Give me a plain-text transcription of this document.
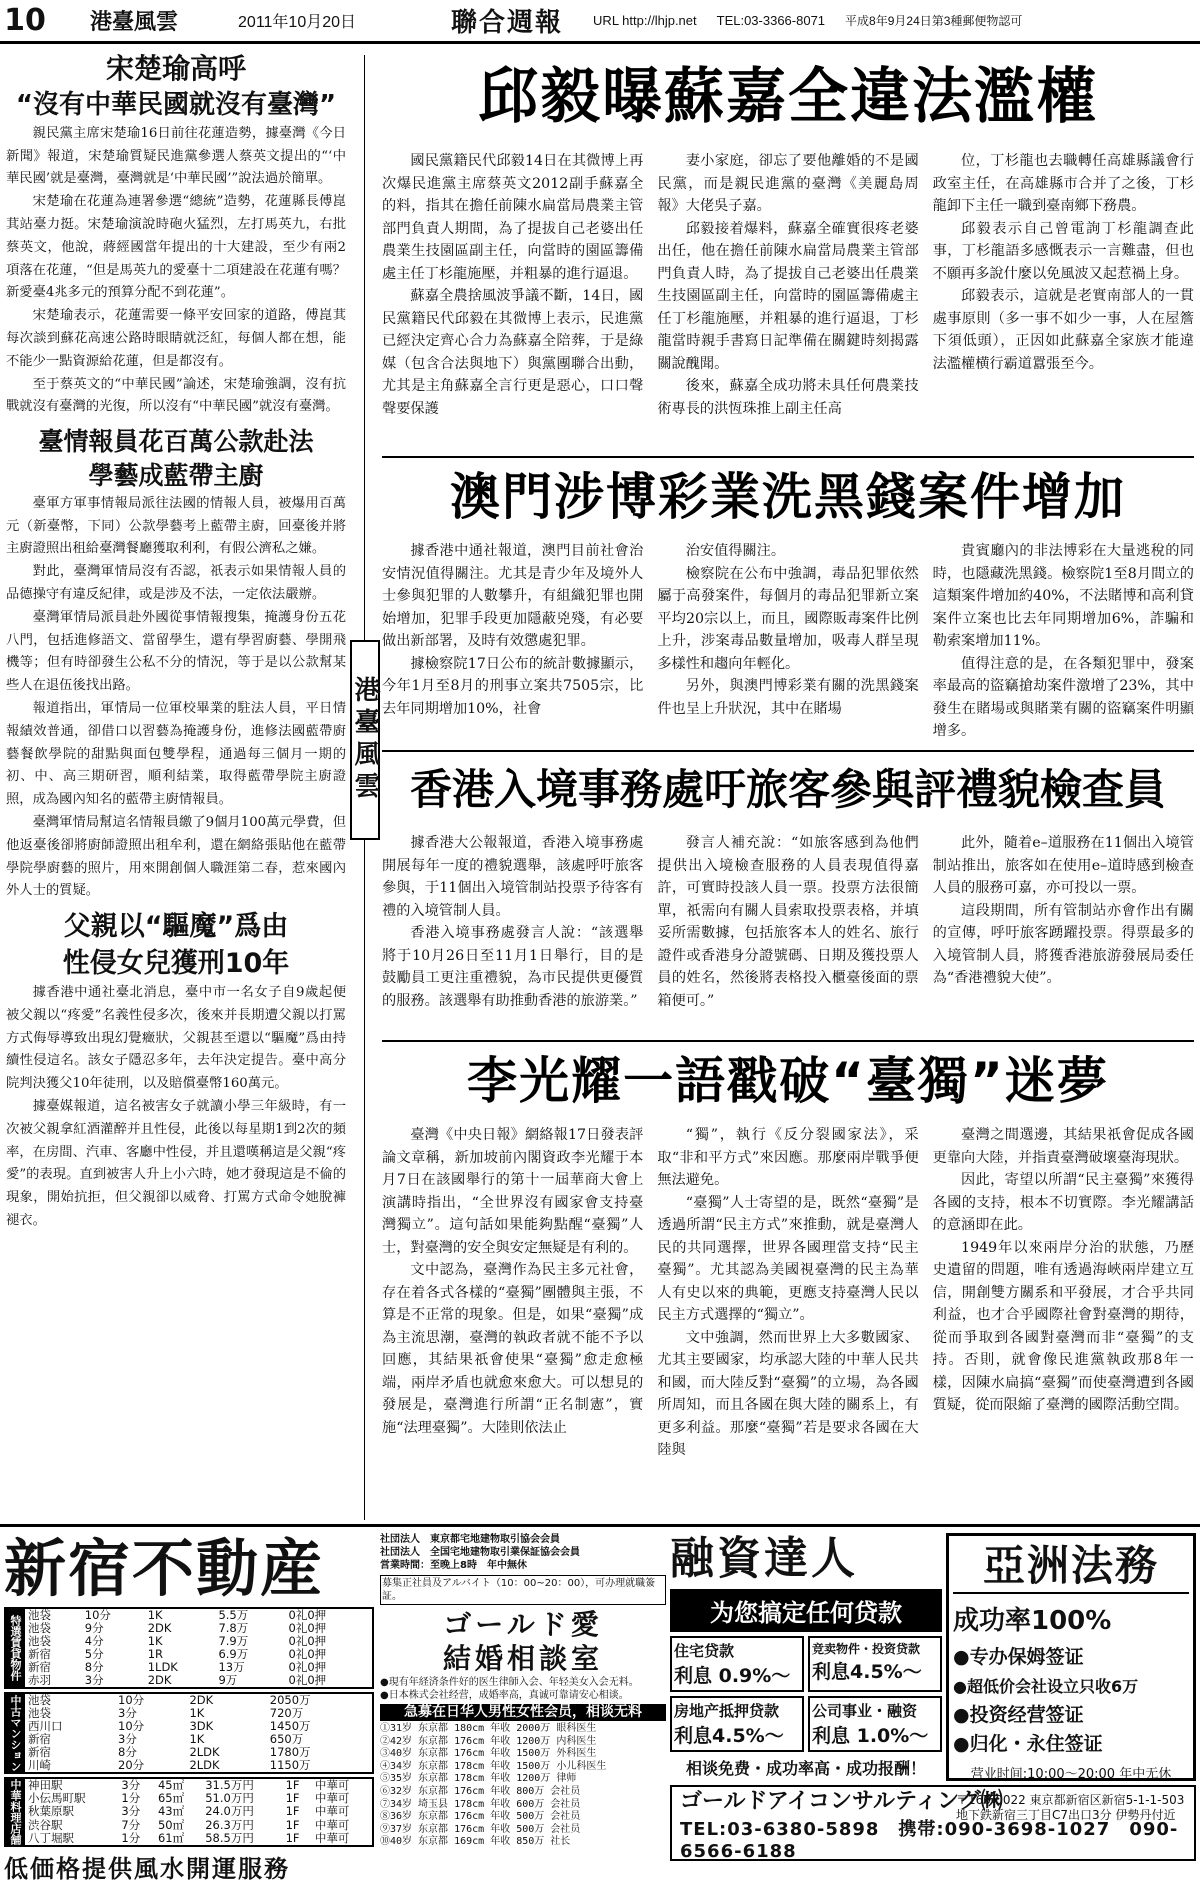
10 港臺風雲	2011年10月20日	聯合週報 URL http://lhjp.net TEL:03-3366-8071 平成8年9月24日第3種郵便物認可
宋楚瑜高呼
“沒有中華民國就沒有臺灣”

親民黨主席宋楚瑜16日前往花蓮造勢，據臺灣《今日新聞》報道，宋楚瑜質疑民進黨參選人蔡英文提出的“‘中華民國’就是臺灣，臺灣就是‘中華民國’”說法過於簡單。

宋楚瑜在花蓮為連署參選“總統”造勢，花蓮縣長傅崑萁站臺力挺。宋楚瑜演說時砲火猛烈，左打馬英九，右批蔡英文，他說，蔣經國當年提出的十大建設，至少有兩2項落在花蓮，“但是馬英九的愛臺十二項建設在花蓮有嗎？新愛臺4兆多元的預算分配不到花蓮”。

宋楚瑜表示，花蓮需要一條平安回家的道路，傅崑萁每次談到蘇花高速公路時眼睛就泛紅，每個人都在想，能不能少一點資源給花蓮，但是都沒有。

至于蔡英文的“中華民國”論述，宋楚瑜強調，沒有抗戰就沒有臺灣的光復，所以沒有“中華民國”就沒有臺灣。

臺情報員花百萬公款赴法
學藝成藍帶主廚

臺軍方軍事情報局派往法國的情報人員，被爆用百萬元（新臺幣，下同）公款學藝考上藍帶主廚，回臺後并將主廚證照出租給臺灣餐廳獲取利利，有假公濟私之嫌。

對此，臺灣軍情局沒有否認，祇表示如果情報人員的品德操守有違反紀律，或是涉及不法，一定依法嚴辦。

臺灣軍情局派員赴外國從事情報搜集，掩護身份五花八門，包括進修語文、當留學生，還有學習廚藝、學開飛機等；但有時卻發生公私不分的情況，等于是以公款幫某些人在退伍後找出路。

報道指出，軍情局一位軍校畢業的駐法人員，平日情報績效普通，卻借口以習藝為掩護身份，進修法國藍帶廚藝餐飲學院的甜點與面包雙學程，通過每三個月一期的初、中、高三期研習，順利結業，取得藍帶學院主廚證照，成為國內知名的藍帶主廚情報員。

臺灣軍情局幫這名情報員繳了9個月100萬元學費，但他返臺後卻將廚師證照出租牟利，還在網絡張貼他在藍帶學院學廚藝的照片，用來開創個人職涯第二春，惹來國內外人士的質疑。

父親以“驅魔”爲由
性侵女兒獲刑10年

據香港中通社臺北消息，臺中市一名女子自9歲起便被父親以“疼愛”名義性侵多次，後來并長期遭父親以打罵方式侮辱導致出現幻覺癥狀，父親甚至還以“驅魔”爲由持續性侵這名。該女子隱忍多年，去年決定提告。臺中高分院判決獲父10年徒刑，以及賠償臺幣160萬元。

據臺媒報道，這名被害女子就讀小學三年級時，有一次被父親拿紅酒灌醉并且性侵，此後以每星期1到2次的頻率，在房間、汽車、客廳中性侵，并且還嘆稱這是父親“疼愛”的表現。直到被害人升上小六時，她才發現這是不倫的現象，開始抗拒，但父親卻以威脅、打罵方式命令她脫褲褪衣。

港臺風雲
邱毅曝蘇嘉全違法濫權

國民黨籍民代邱毅14日在其微博上再次爆民進黨主席蔡英文2012副手蘇嘉全的料，指其在擔任前陳水扁當局農業主管部門負責人期間，為了提拔自己老婆出任農業生技園區副主任，向當時的園區籌備處主任丁杉龍施壓，并粗暴的進行逼退。

蘇嘉全農捨風波爭議不斷，14日，國民黨籍民代邱毅在其微博上表示，民進黨已經決定齊心合力為蘇嘉全陪葬，于是綠媒（包含合法與地下）與黨團聯合出動，尤其是主角蘇嘉全言行更是惡心，口口聲聲要保護

妻小家庭，卻忘了要他離婚的不是國民黨，而是親民進黨的臺灣《美麗島周報》大佬吳子嘉。

邱毅接着爆料，蘇嘉全確實很疼老婆出任，他在擔任前陳水扁當局農業主管部門負責人時，為了提拔自己老婆出任農業生技園區副主任，向當時的園區籌備處主任丁杉龍施壓，并粗暴的進行逼退，丁杉龍當時親手書寫日記準備在關鍵時刻揭露關說醜聞。

後來，蘇嘉全成功將未具任何農業技術專長的洪恆珠推上副主任高

位，丁杉龍也去職轉任高雄縣議會行政室主任，在高雄縣市合并了之後，丁杉龍卸下主任一職到臺南鄉下務農。

邱毅表示自己曾電詢丁杉龍調查此事，丁杉龍語多感慨表示一言難盡，但也不願再多說什麼以免風波又起惹禍上身。

邱毅表示，這就是老實南部人的一貫處事原則（多一事不如少一事，人在屋簷下須低頭），正因如此蘇嘉全家族才能違法濫權横行霸道囂張至今。

澳門涉博彩業洗黑錢案件增加

據香港中通社報道，澳門目前社會治安情況值得關注。尤其是青少年及境外人士參與犯罪的人數攀升，有組織犯罪也開始增加，犯罪手段更加隱蔽兇殘，有必要做出新部署，及時有效懲處犯罪。

據檢察院17日公布的統計數據顯示，今年1月至8月的刑事立案共7505宗，比去年同期增加10%，社會

治安值得關注。

檢察院在公布中強調，毒品犯罪依然屬于高發案件，每個月的毒品犯罪新立案平均20宗以上，而且，國際販毒案件比例上升，涉案毒品數量增加，吸毒人群呈現多樣性和趨向年輕化。

另外，與澳門博彩業有關的洗黑錢案件也呈上升狀況，其中在賭場

貴賓廳內的非法博彩在大量逃稅的同時，也隱藏洗黑錢。檢察院1至8月間立的這類案件增加約40%，不法賭博和高利貸案件立案也比去年同期增加6%，詐騙和勒索案增加11%。

值得注意的是，在各類犯罪中，發案率最高的盜竊搶劫案件激增了23%，其中發生在賭場或與賭業有關的盜竊案件明顯增多。

香港入境事務處吁旅客參與評禮貌檢查員

據香港大公報報道，香港入境事務處開展每年一度的禮貌選舉，該處呼吁旅客參與，于11個出入境管制站投票予待客有禮的入境管制人員。

香港入境事務處發言人說：“該選舉將于10月26日至11月1日舉行，目的是鼓勵員工更注重禮貌，為市民提供更優質的服務。該選舉有助推動香港的旅游業。”

發言人補充說：“如旅客感到為他們提供出入境檢查服務的人員表現值得嘉許，可實時投該人員一票。投票方法很簡單，祇需向有關人員索取投票表格，并填妥所需數據，包括旅客本人的姓名、旅行證件或香港身分證號碼、日期及獲投票人員的姓名，然後將表格投入櫃臺後面的票箱便可。”

此外，隨着e–道服務在11個出入境管制站推出，旅客如在使用e–道時感到檢查人員的服務可嘉，亦可投以一票。

這段期間，所有管制站亦會作出有關的宣傳，呼吁旅客踴躍投票。得票最多的入境管制人員，將獲香港旅游發展局委任為“香港禮貌大使”。

李光耀一語戳破“臺獨”迷夢

臺灣《中央日報》網絡報17日發表評論文章稱，新加坡前內閣資政李光耀于本月7日在該國舉行的第十一屆華商大會上演講時指出，“全世界沒有國家會支持臺灣獨立”。這句話如果能夠點醒“臺獨”人士，對臺灣的安全與安定無疑是有利的。

文中認為，臺灣作為民主多元社會，存在着各式各樣的“臺獨”團體與主張，不算是不正常的現象。但是，如果“臺獨”成為主流思潮，臺灣的執政者就不能不予以回應，其結果祇會使果“臺獨”愈走愈極端，兩岸矛盾也就愈來愈大。可以想見的發展是，臺灣進行所謂“正名制憲”，實施“法理臺獨”。大陸則依法止

“獨”，執行《反分裂國家法》，采取“非和平方式”來因應。那麼兩岸戰爭便無法避免。

“臺獨”人士寄望的是，既然“臺獨”是透過所謂“民主方式”來推動，就是臺灣人民的共同選擇，世界各國理當支持“民主臺獨”。尤其認為美國視臺灣的民主為華人有史以來的典範，更應支持臺灣人民以民主方式選擇的“獨立”。

文中強調，然而世界上大多數國家、尤其主要國家，均承認大陸的中華人民共和國，而大陸反對“臺獨”的立場，為各國所周知，而且各國在與大陸的關系上，有更多利益。那麼“臺獨”若是要求各國在大陸與

臺灣之間選邊，其結果祇會促成各國更靠向大陸，并指責臺灣破壞臺海現狀。

因此，寄望以所謂“民主臺獨”來獲得各國的支持，根本不切實際。李光耀講話的意涵即在此。

1949年以來兩岸分治的狀態，乃歷史遺留的問題，唯有透過海峽兩岸建立互信，開創雙方關系和平發展，才合乎共同利益，也才合乎國際社會對臺灣的期待，從而爭取到各國對臺灣而非“臺獨”的支持。否則，就會像民進黨執政那8年一樣，因陳水扁搞“臺獨”而使臺灣遭到各國質疑，從而限縮了臺灣的國際活動空間。

新宿不動産
特選賃貸物件	池袋	10分	1K	5.5万	0礼0押
	池袋	9分	2DK	7.8万	0礼0押
	池袋	4分	1K	7.9万	0礼0押
	新宿	5分	1R	6.9万	0礼0押
	新宿	8分	1LDK	13万	0礼0押
	赤羽	3分	2DK	9万	0礼0押
中古マンション	池袋	10分	2DK	2050万
	池袋	3分	1K	720万
	西川口	10分	3DK	1450万
	新宿	3分	1K	650万
	新宿	8分	2LDK	1780万
	川崎	20分	2LDK	1150万
中華料理店舗	神田駅	3分	45㎡	31.5万円	1F	中華可
	小伝馬町駅	1分	65㎡	51.0万円	1F	中華可
	秋葉原駅	3分	43㎡	24.0万円	1F	中華可
	渋谷駅	7分	50㎡	26.3万円	1F	中華可
	八丁堀駅	1分	61㎡	58.5万円	1F	中華可
低価格提供風水開運服務
社団法人　東京都宅地建物取引協会会員
社団法人　全国宅地建物取引業保証協会会員
営業時間：至晚上8時　年中無休
募集正社員及アルバイト（10：00~20：00），可办理就職簽証。
ゴールド愛
結婚相談室
●現有年経済条件好的医生律師入会、年轻美女入会无料。
●日本株式会社经营，成婚率高，真诚可靠请安心相谈。
急募在日华人男性女性会员，相谈无料
①31岁 东京都 180cm 年收 2000万 眼科医生
②42岁 东京都 176cm 年收 1200万 内科医生
③40岁 东京都 176cm 年收 1500万 外科医生
④34岁 东京都 178cm 年收 1500万 小儿科医生
⑤35岁 东京都 178cm 年收 1200万 律师
⑥32岁 东京都 176cm 年收 800万 会社员
⑦34岁 埼玉县 178cm 年收 600万 会社员
⑧36岁 东京都 176cm 年收 500万 会社员
⑨37岁 东京都 176cm 年收 500万 会社员
⑩40岁 东京都 169cm 年收 850万 社长
融資達人
为您搞定任何贷款
住宅贷款
利息 0.9%～
竞卖物件・投资贷款
利息4.5%～
房地产抵押贷款
利息4.5%～
公司事业・融资
利息 1.0%～
相谈免费・成功率高・成功报酬！
亞洲法務
成功率100%
●专办保姆签证
●超低价会社设立只收6万
●投资经营签证
●归化・永住签证
营业时间:10:00～20:00 年中无休
ゴールドアイコンサルティング㈱
〒160-0022 東京都新宿区新宿5-1-1-503 地下鉄新宿三丁目C7出口3分 伊勢丹付近
TEL:03-6380-5898　携帯:090-3698-1027　090-6566-6188
